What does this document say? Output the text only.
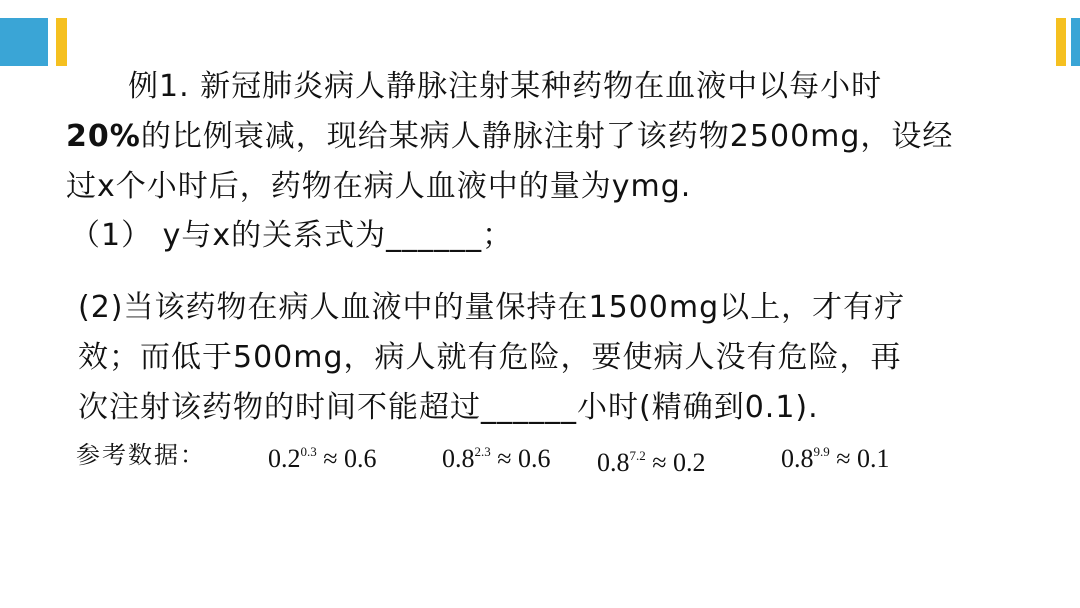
例1. 新冠肺炎病人静脉注射某种药物在血液中以每小时
20%的比例衰减，现给某病人静脉注射了该药物2500mg，设经
过x个小时后，药物在病人血液中的量为ymg.
（1） y与x的关系式为______；
(2)当该药物在病人血液中的量保持在1500mg以上，才有疗
效；而低于500mg，病人就有危险，要使病人没有危险，再
次注射该药物的时间不能超过______小时(精确到0.1).
参考数据： $0.2^{0.3} \approx 0.6$	$0.8^{2.3} \approx 0.6$ $0.8^{7.2} \approx 0.2$	$0.8^{9.9} \approx 0.1$
